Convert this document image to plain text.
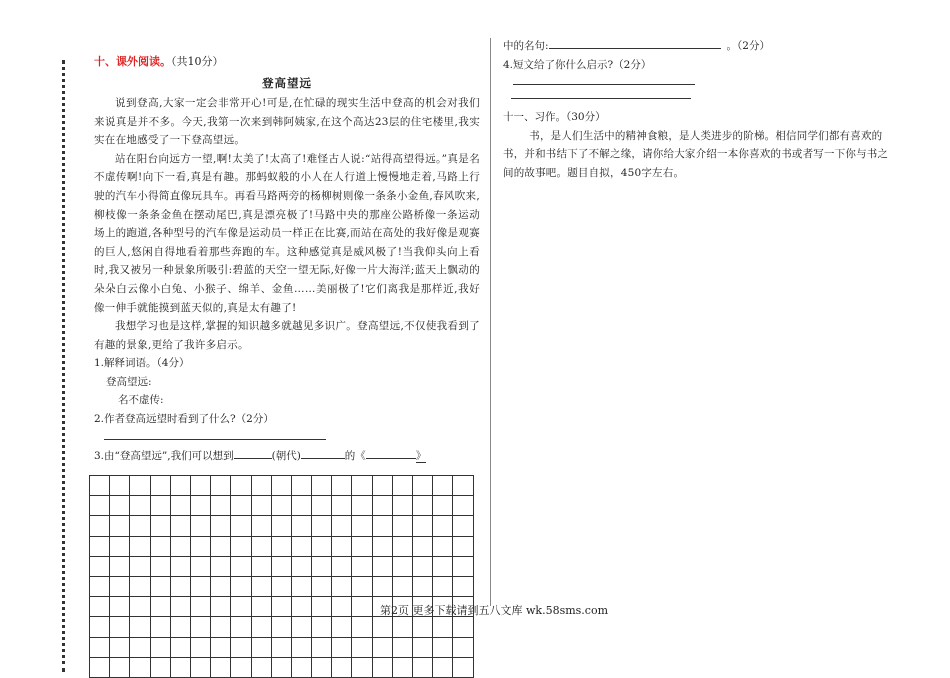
十、课外阅读。（共10分）
登高望远

说到登高,大家一定会非常开心!可是,在忙碌的现实生活中登高的机会对我们来说真是并不多。今天,我第一次来到韩阿姨家,在这个高达23层的住宅楼里,我实实在在地感受了一下登高望远。

站在阳台向远方一望,啊!太美了!太高了!难怪古人说:“站得高望得远。”真是名不虚传啊!向下一看,真是有趣。那蚂蚁般的小人在人行道上慢慢地走着,马路上行驶的汽车小得简直像玩具车。再看马路两旁的杨柳树则像一条条小金鱼,春风吹来,柳枝像一条条金鱼在摆动尾巴,真是漂亮极了!马路中央的那座公路桥像一条运动场上的跑道,各种型号的汽车像是运动员一样正在比赛,而站在高处的我好像是观赛的巨人,悠闲自得地看着那些奔跑的车。这种感觉真是威风极了!当我仰头向上看时,我又被另一种景象所吸引:碧蓝的天空一望无际,好像一片大海洋;蓝天上飘动的朵朵白云像小白兔、小猴子、绵羊、金鱼……美丽极了!它们离我是那样近,我好像一伸手就能摸到蓝天似的,真是太有趣了!

我想学习也是这样,掌握的知识越多就越见多识广。登高望远,不仅使我看到了有趣的景象,更给了我许多启示。

1.解释词语。（4分）
登高望远:
名不虚传:
2.作者登高远望时看到了什么?（2分）
3.由“登高望远”,我们可以想到	(朝代)	的《	》
中的名句:	。（2分）
4.短文给了你什么启示?（2分）
十一、习作。（30分）

书，是人们生活中的精神食粮，是人类进步的阶梯。相信同学们都有喜欢的书，并和书结下了不解之缘，请你给大家介绍一本你喜欢的书或者写一下你与书之间的故事吧。题目自拟，450字左右。

第2页 更多下载请到五八文库 wk.58sms.com
